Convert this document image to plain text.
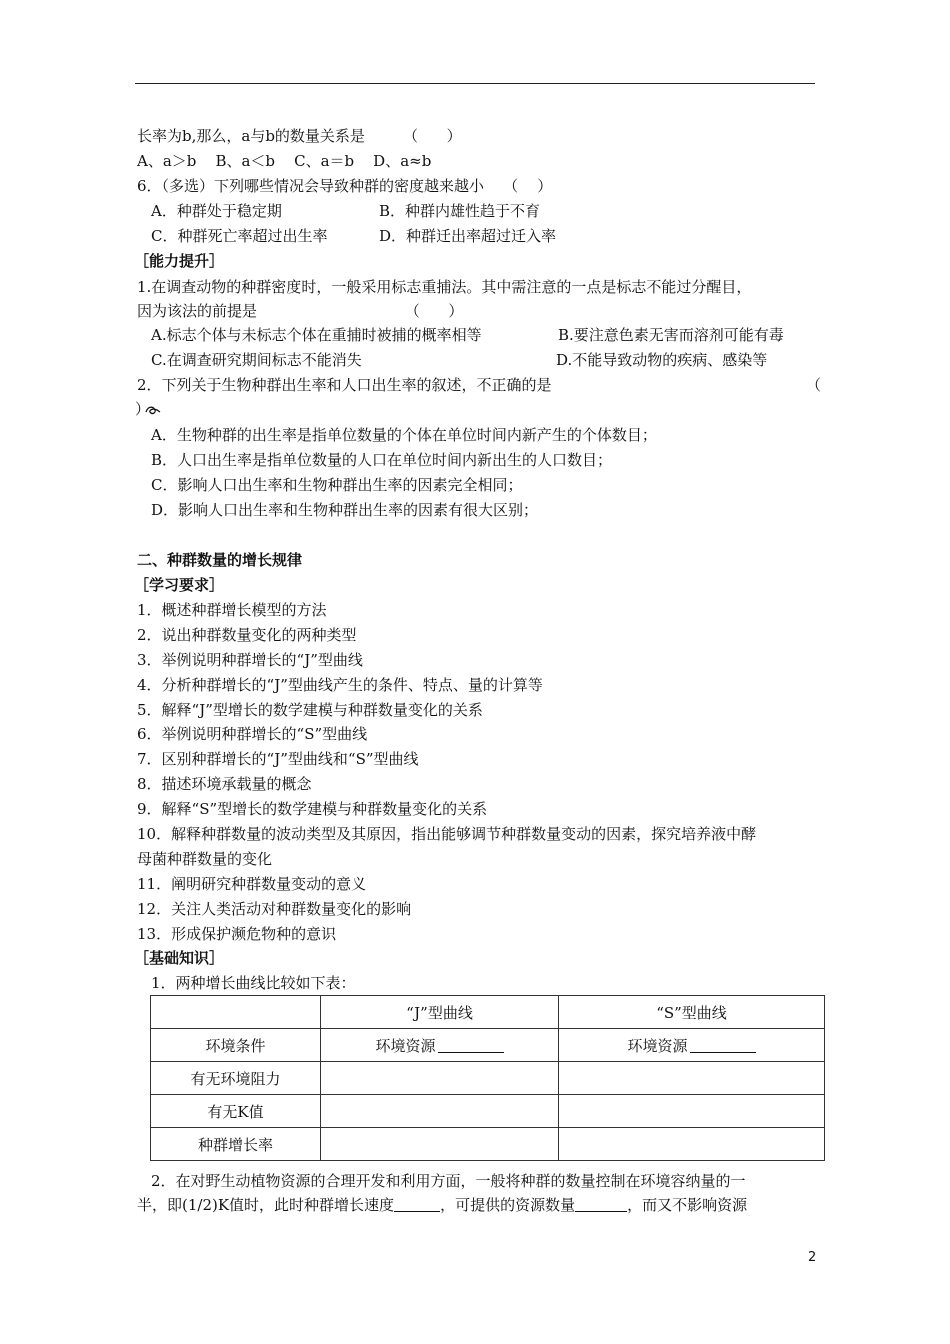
长率为b,那么，a与b的数量关系是        （      ）
A、a＞b    B、a＜b    C、a＝b    D、a≈b
6．（多选）下列哪些情况会导致种群的密度越来越小    （    ）
A．种群处于稳定期	B．种群内雄性趋于不育
C．种群死亡率超过出生率	D．种群迁出率超过迁入率
［能力提升］
1.在调查动物的种群密度时，一般采用标志重捕法。其中需注意的一点是标志不能过分醒目，
因为该法的前提是                               （      ）
A.标志个体与未标志个体在重捕时被捕的概率相等	B.要注意色素无害而溶剂可能有毒
C.在调查研究期间标志不能消失	D.不能导致动物的疾病、感染等
2．下列关于生物种群出生率和人口出生率的叙述，不正确的是	（
）
A．生物种群的出生率是指单位数量的个体在单位时间内新产生的个体数目；
B．人口出生率是指单位数量的人口在单位时间内新出生的人口数目；
C．影响人口出生率和生物种群出生率的因素完全相同；
D．影响人口出生率和生物种群出生率的因素有很大区别；
二、种群数量的增长规律
［学习要求］
1．概述种群增长模型的方法
2．说出种群数量变化的两种类型
3．举例说明种群增长的“J”型曲线
4．分析种群增长的“J”型曲线产生的条件、特点、量的计算等
5．解释“J”型增长的数学建模与种群数量变化的关系
6．举例说明种群增长的“S”型曲线
7．区别种群增长的“J”型曲线和“S”型曲线
8．描述环境承载量的概念
9．解释“S”型增长的数学建模与种群数量变化的关系
10．解释种群数量的波动类型及其原因，指出能够调节种群数量变动的因素，探究培养液中酵
母菌种群数量的变化
11．阐明研究种群数量变动的意义
12．关注人类活动对种群数量变化的影响
13．形成保护濒危物种的意识
［基础知识］
1．两种增长曲线比较如下表：
	“J”型曲线	“S”型曲线
环境条件	环境资源	环境资源
有无环境阻力		
有无K值		
种群增长率		
2．在对野生动植物资源的合理开发和利用方面，一般将种群的数量控制在环境容纳量的一
半，即(1/2)K值时，此时种群增长速度	，可提供的资源数量	，而又不影响资源
2
